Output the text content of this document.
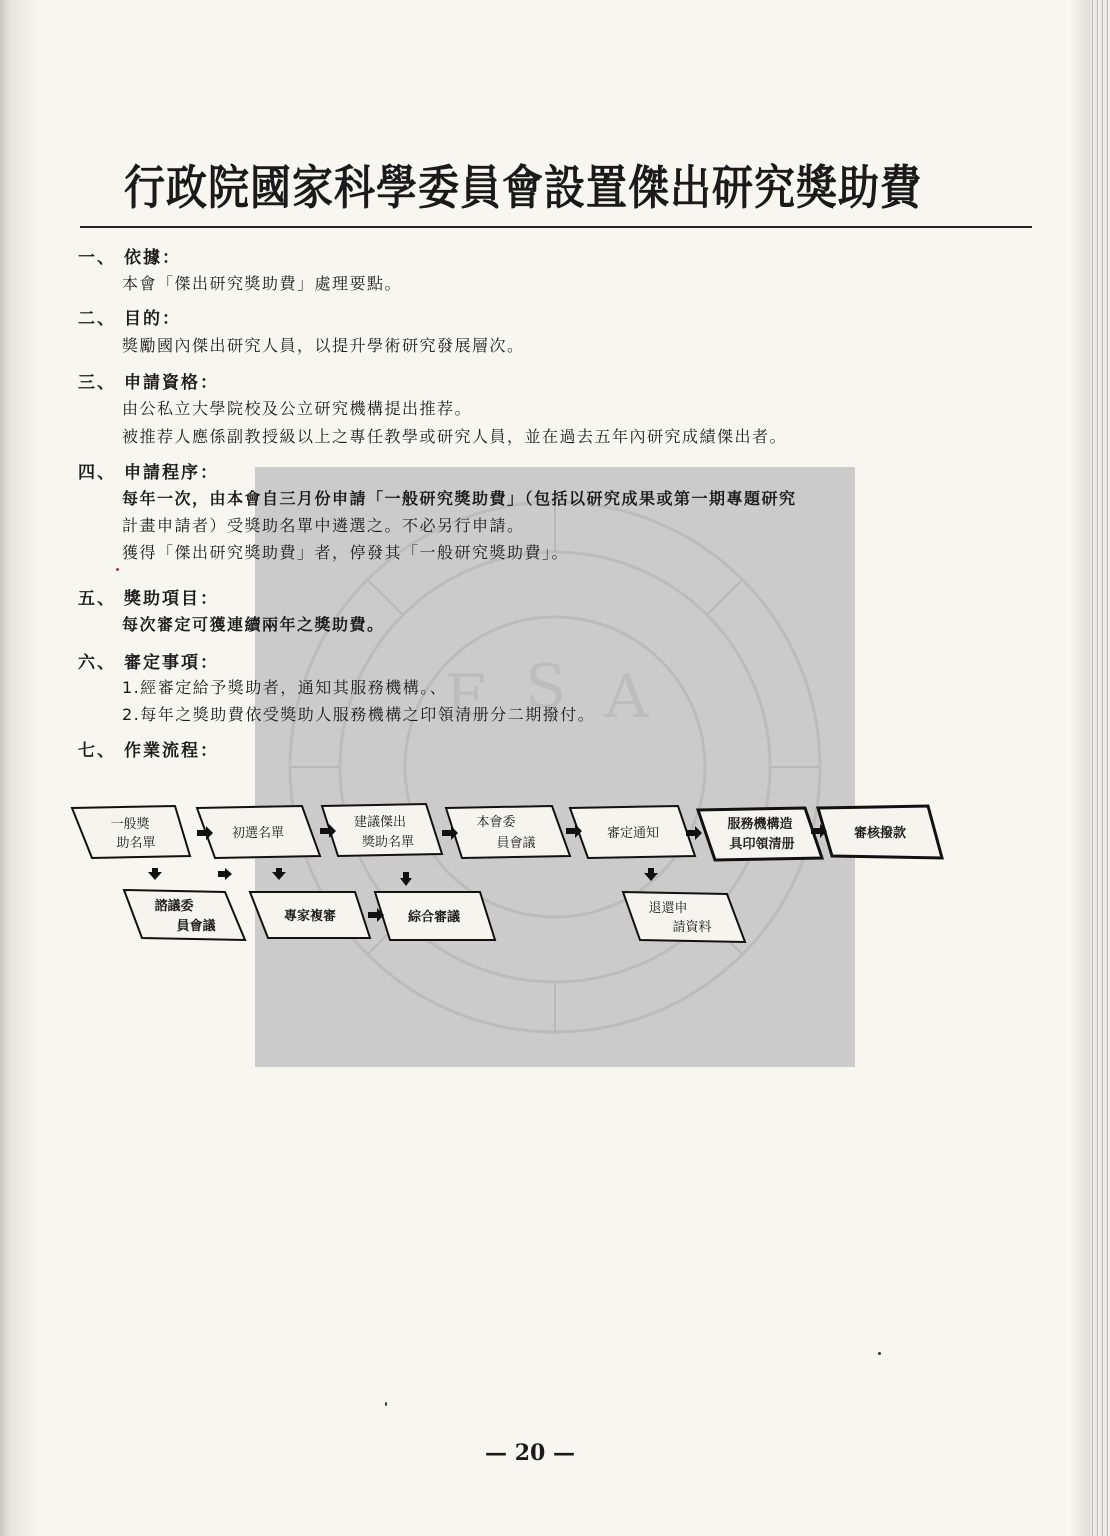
E S A
行政院國家科學委員會設置傑出研究獎助費
一、 依據：
本會「傑出研究獎助費」處理要點。
二、 目的：
獎勵國內傑出研究人員，以提升學術研究發展層次。
三、 申請資格：
由公私立大學院校及公立研究機構提出推荐。
被推荐人應係副教授級以上之專任教學或研究人員，並在過去五年內研究成績傑出者。
四、 申請程序：
每年一次，由本會自三月份申請「一般研究獎助費」（包括以研究成果或第一期專題研究
計畫申請者）受獎助名單中遴選之。不必另行申請。
獲得「傑出研究獎助費」者，停發其「一般研究獎助費」。
五、 獎助項目：
每次審定可獲連續兩年之獎助費。
六、 審定事項：
1.經審定給予獎助者，通知其服務機構。、
2.每年之獎助費依受獎助人服務機構之印領清册分二期撥付。
七、 作業流程：
一般獎
助名單
初選名單
建議傑出
獎助名單
本會委
員會議
審定通知
服務機構造
具印領清册
審核撥款
諮議委
員會議
專家複審	綜合審議
退還申
請資料
— 20 —
